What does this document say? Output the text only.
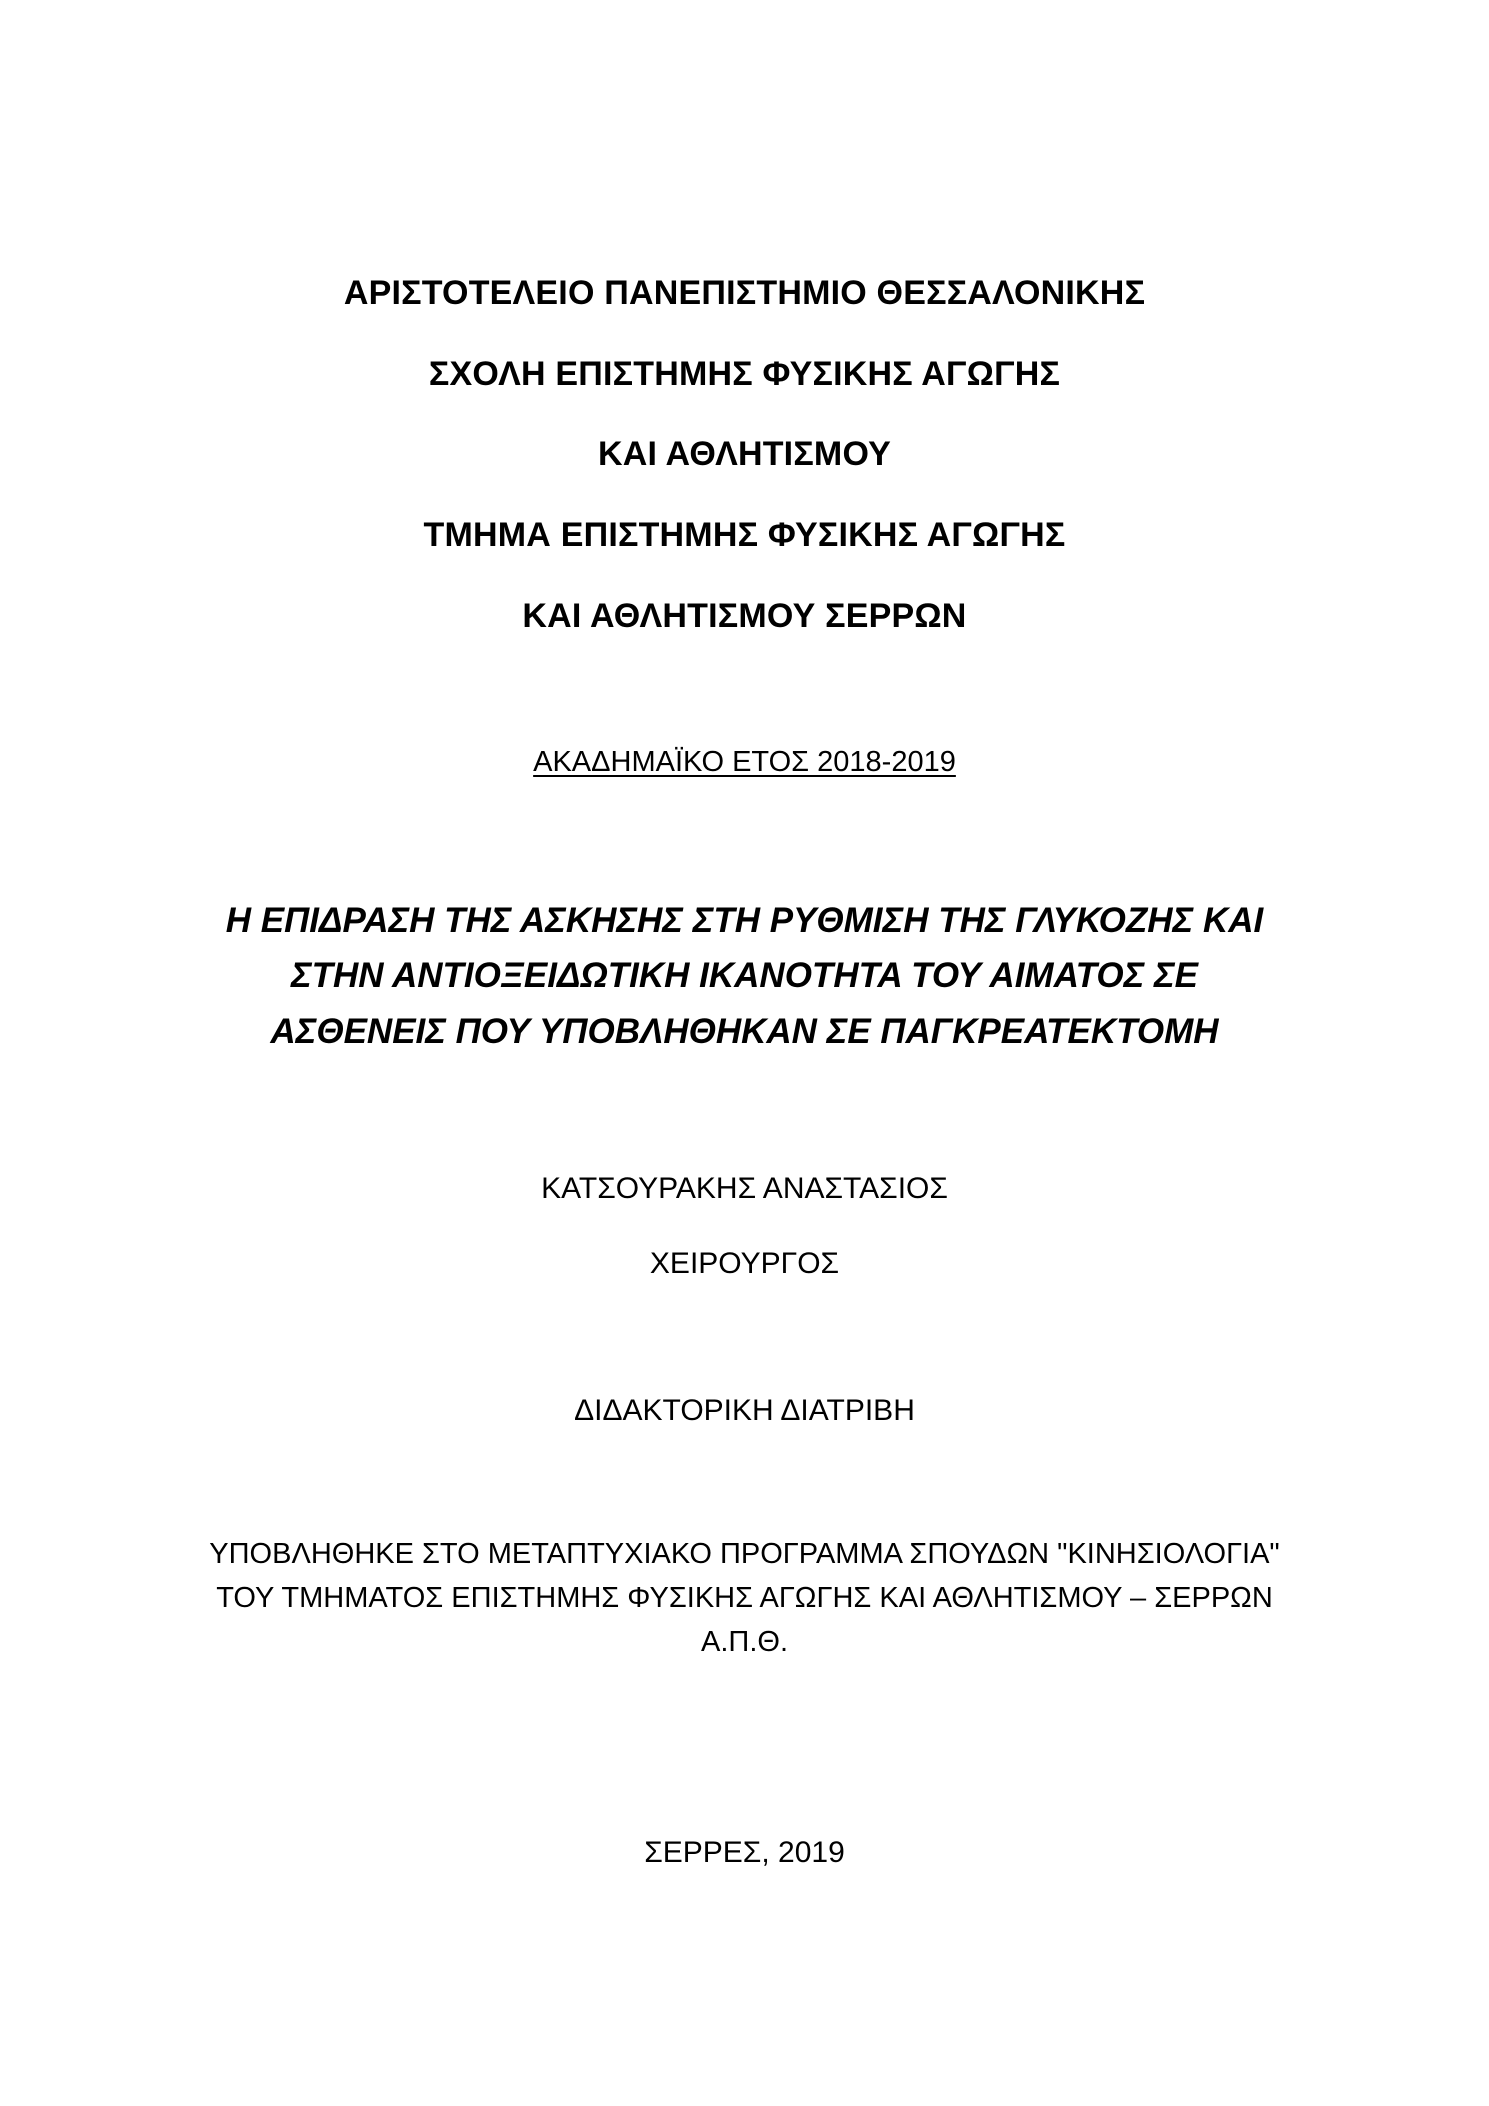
ΑΡΙΣΤΟΤΕΛΕΙΟ ΠΑΝΕΠΙΣΤΗΜΙΟ ΘΕΣΣΑΛΟΝΙΚΗΣ
ΣΧΟΛΗ ΕΠΙΣΤΗΜΗΣ ΦΥΣΙΚΗΣ ΑΓΩΓΗΣ
ΚΑΙ ΑΘΛΗΤΙΣΜΟΥ
ΤΜΗΜΑ ΕΠΙΣΤΗΜΗΣ ΦΥΣΙΚΗΣ ΑΓΩΓΗΣ
ΚΑΙ ΑΘΛΗΤΙΣΜΟΥ ΣΕΡΡΩΝ
ΑΚΑΔΗΜΑΪΚΟ ΕΤΟΣ 2018-2019
Η ΕΠΙΔΡΑΣΗ ΤΗΣ ΑΣΚΗΣΗΣ ΣΤΗ ΡΥΘΜΙΣΗ ΤΗΣ ΓΛΥΚΟΖΗΣ ΚΑΙ
ΣΤΗΝ ΑΝΤΙΟΞΕΙΔΩΤΙΚΗ ΙΚΑΝΟΤΗΤΑ ΤΟΥ ΑΙΜΑΤΟΣ ΣΕ
ΑΣΘΕΝΕΙΣ ΠΟΥ ΥΠΟΒΛΗΘΗΚΑΝ ΣΕ ΠΑΓΚΡΕΑΤΕΚΤΟΜΗ
ΚΑΤΣΟΥΡΑΚΗΣ ΑΝΑΣΤΑΣΙΟΣ
ΧΕΙΡΟΥΡΓΟΣ
ΔΙΔΑΚΤΟΡΙΚΗ ΔΙΑΤΡΙΒΗ
ΥΠΟΒΛΗΘΗΚΕ ΣΤΟ ΜΕΤΑΠΤΥΧΙΑΚΟ ΠΡΟΓΡΑΜΜΑ ΣΠΟΥΔΩΝ "ΚΙΝΗΣΙΟΛΟΓΙΑ"
ΤΟΥ ΤΜΗΜΑΤΟΣ ΕΠΙΣΤΗΜΗΣ ΦΥΣΙΚΗΣ ΑΓΩΓΗΣ ΚΑΙ ΑΘΛΗΤΙΣΜΟΥ – ΣΕΡΡΩΝ
Α.Π.Θ.
ΣΕΡΡΕΣ, 2019
